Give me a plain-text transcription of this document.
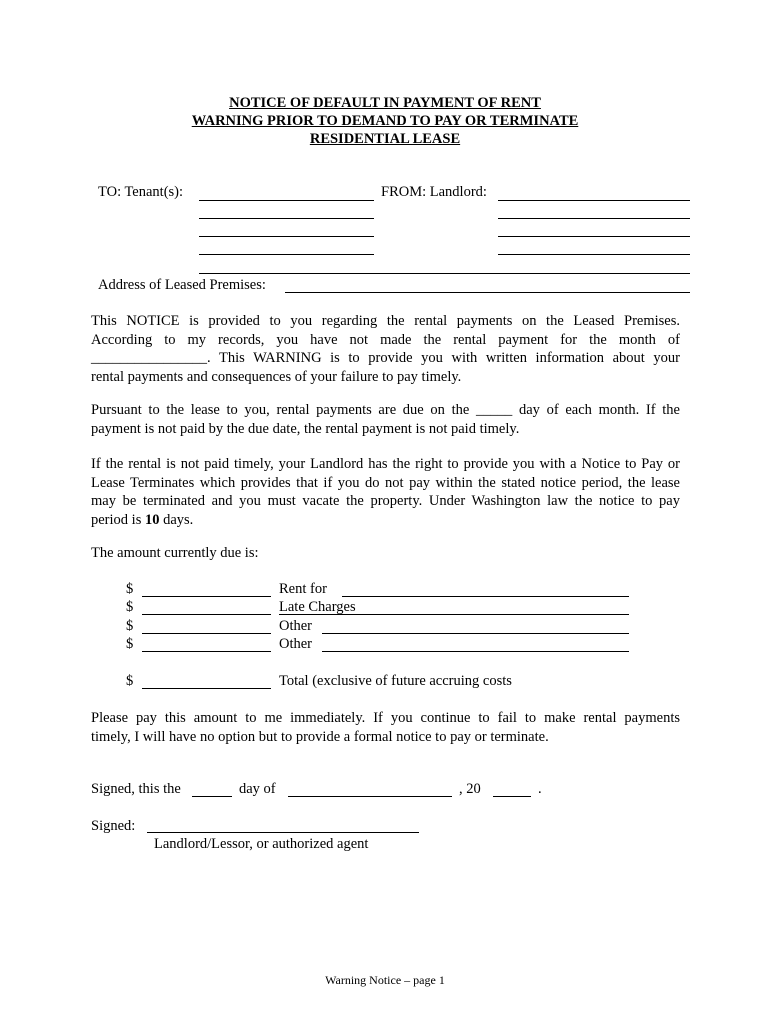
NOTICE OF DEFAULT IN PAYMENT OF RENT
WARNING PRIOR TO DEMAND TO PAY OR TERMINATE
RESIDENTIAL LEASE
TO: Tenant(s):	FROM: Landlord:
Address of Leased Premises:

This NOTICE is provided to you regarding the rental payments on the Leased Premises.

According to my records, you have not made the rental payment for the month of

________________. This WARNING is to provide you with written information about your

rental payments and consequences of your failure to pay timely.

Pursuant to the lease to you, rental payments are due on the _____ day of each month. If the

payment is not paid by the due date, the rental payment is not paid timely.

If the rental is not paid timely, your Landlord has the right to provide you with a Notice to Pay or

Lease Terminates which provides that if you do not pay within the stated notice period, the lease

may be terminated and you must vacate the property. Under Washington law the notice to pay

period is 10 days.

The amount currently due is:
$	Rent for
$	Late Charges
$	Other
$	Other
$	Total (exclusive of future accruing costs

Please pay this amount to me immediately. If you continue to fail to make rental payments

timely, I will have no option but to provide a formal notice to pay or terminate.

Signed, this the	day of	, 20	.
Signed:
Landlord/Lessor, or authorized agent
Warning Notice – page 1
